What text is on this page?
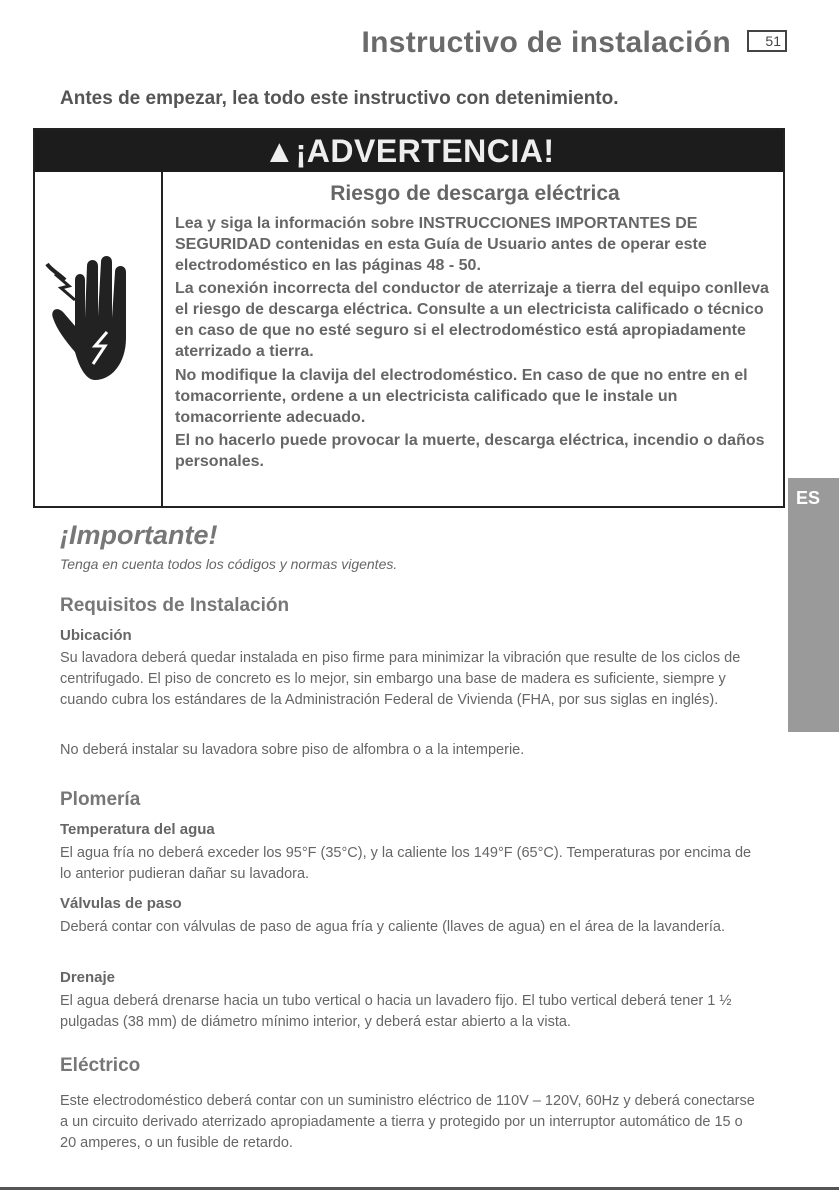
Instructivo de instalación	51
Antes de empezar, lea todo este instructivo con detenimiento.
▲¡ADVERTENCIA!
Riesgo de descarga eléctrica
Lea y siga la información sobre INSTRUCCIONES IMPORTANTES DE SEGURIDAD contenidas en esta Guía de Usuario antes de operar este electrodoméstico en las páginas 48 - 50.
La conexión incorrecta del conductor de aterrizaje a tierra del equipo conlleva el riesgo de descarga eléctrica. Consulte a un electricista calificado o técnico en caso de que no esté seguro si el electrodoméstico está apropiadamente aterrizado a tierra.
No modifique la clavija del electrodoméstico. En caso de que no entre en el tomacorriente, ordene a un electricista calificado que le instale un tomacorriente adecuado.
El no hacerlo puede provocar la muerte, descarga eléctrica, incendio o daños personales.
ES
¡Importante!
Tenga en cuenta todos los códigos y normas vigentes.
Requisitos de Instalación
Ubicación
Su lavadora deberá quedar instalada en piso firme para minimizar la vibración que resulte de los ciclos de centrifugado. El piso de concreto es lo mejor, sin embargo una base de madera es suficiente, siempre y cuando cubra los estándares de la Administración Federal de Vivienda (FHA, por sus siglas en inglés).
No deberá instalar su lavadora sobre piso de alfombra o a la intemperie.
Plomería
Temperatura del agua
El agua fría no deberá exceder los 95°F (35°C), y la caliente los 149°F (65°C). Temperaturas por encima de lo anterior pudieran dañar su lavadora.
Válvulas de paso
Deberá contar con válvulas de paso de agua fría y caliente (llaves de agua) en el área de la lavandería.
Drenaje
El agua deberá drenarse hacia un tubo vertical o hacia un lavadero fijo. El tubo vertical deberá tener 1 ½ pulgadas (38 mm) de diámetro mínimo interior, y deberá estar abierto a la vista.
Eléctrico
Este electrodoméstico deberá contar con un suministro eléctrico de 110V – 120V, 60Hz y deberá conectarse a un circuito derivado aterrizado apropiadamente a tierra y protegido por un interruptor automático de 15 o 20 amperes, o un fusible de retardo.
